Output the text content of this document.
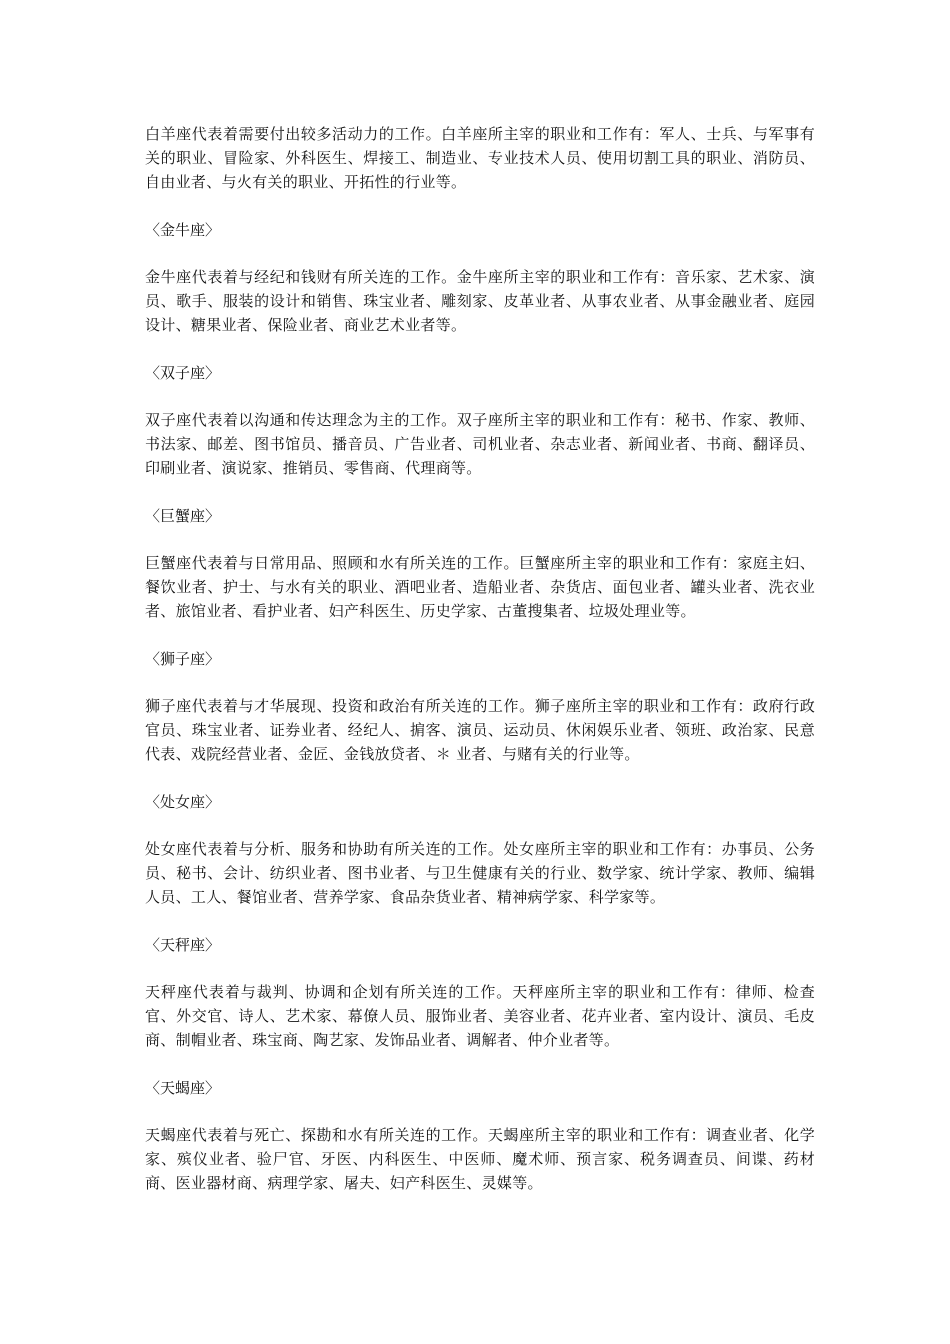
白羊座代表着需要付出较多活动力的工作。白羊座所主宰的职业和工作有：军人、士兵、与军事有关的职业、冒险家、外科医生、焊接工、制造业、专业技术人员、使用切割工具的职业、消防员、自由业者、与火有关的职业、开拓性的行业等。

〈金牛座〉

金牛座代表着与经纪和钱财有所关连的工作。金牛座所主宰的职业和工作有：音乐家、艺术家、演员、歌手、服装的设计和销售、珠宝业者、雕刻家、皮革业者、从事农业者、从事金融业者、庭园设计、糖果业者、保险业者、商业艺术业者等。

〈双子座〉

双子座代表着以沟通和传达理念为主的工作。双子座所主宰的职业和工作有：秘书、作家、教师、书法家、邮差、图书馆员、播音员、广告业者、司机业者、杂志业者、新闻业者、书商、翻译员、印刷业者、演说家、推销员、零售商、代理商等。

〈巨蟹座〉

巨蟹座代表着与日常用品、照顾和水有所关连的工作。巨蟹座所主宰的职业和工作有：家庭主妇、餐饮业者、护士、与水有关的职业、酒吧业者、造船业者、杂货店、面包业者、罐头业者、洗衣业者、旅馆业者、看护业者、妇产科医生、历史学家、古董搜集者、垃圾处理业等。

〈狮子座〉

狮子座代表着与才华展现、投资和政治有所关连的工作。狮子座所主宰的职业和工作有：政府行政官员、珠宝业者、证券业者、经纪人、掮客、演员、运动员、休闲娱乐业者、领班、政治家、民意代表、戏院经营业者、金匠、金钱放贷者、＊ 业者、与赌有关的行业等。

〈处女座〉

处女座代表着与分析、服务和协助有所关连的工作。处女座所主宰的职业和工作有：办事员、公务员、秘书、会计、纺织业者、图书业者、与卫生健康有关的行业、数学家、统计学家、教师、编辑人员、工人、餐馆业者、营养学家、食品杂货业者、精神病学家、科学家等。

〈天秤座〉

天秤座代表着与裁判、协调和企划有所关连的工作。天秤座所主宰的职业和工作有：律师、检查官、外交官、诗人、艺术家、幕僚人员、服饰业者、美容业者、花卉业者、室内设计、演员、毛皮商、制帽业者、珠宝商、陶艺家、发饰品业者、调解者、仲介业者等。

〈天蝎座〉

天蝎座代表着与死亡、探勘和水有所关连的工作。天蝎座所主宰的职业和工作有：调查业者、化学家、殡仪业者、验尸官、牙医、内科医生、中医师、魔术师、预言家、税务调查员、间谍、药材商、医业器材商、病理学家、屠夫、妇产科医生、灵媒等。
